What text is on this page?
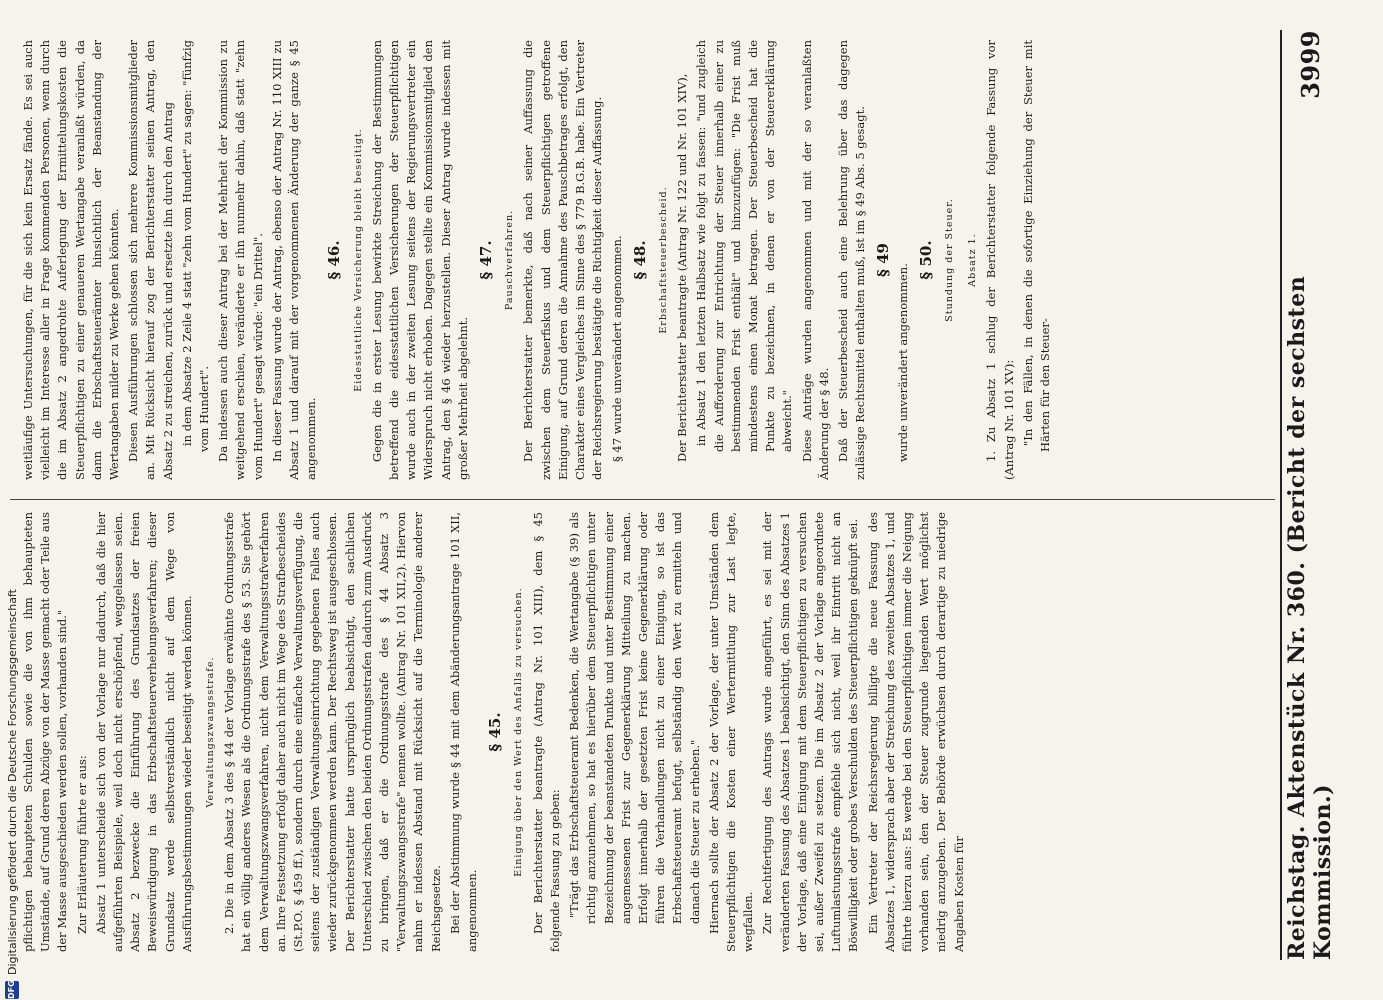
Reichstag. Aktenstück Nr. 360. (Bericht der sechsten Kommission.)
3999

pflichtigen behaupteten Schulden sowie die von ihm behaupteten Umstände, auf Grund deren Abzüge von der Masse gemacht oder Teile aus der Masse ausgeschieden werden sollen, vorhanden sind." Zur Erläuterung führte er aus: Absatz 1 unterscheide sich von der Vorlage nur dadurch, daß die hier aufgeführten Beispiele, weil doch nicht erschöpfend, weggelassen seien. Absatz 2 bezwecke die Einführung des Grundsatzes der freien Beweiswürdigung in das Erbschaftsteuerverhebungsverfahren; dieser Grundsatz werde selbstverständlich nicht auf dem Wege von Ausführungsbestimmungen wieder beseitigt werden können.	Verwaltungszwangsstrafe. 2. Die in dem Absatz 3 des § 44 der Vorlage erwähnte Ordnungsstrafe hat ein völlig anderes Wesen als die Ordnungsstrafe des § 53. Sie gehört dem Verwaltungszwangsverfahren, nicht dem Verwaltungsstrafverfahren an. Ihre Festsetzung erfolgt daher auch nicht im Wege des Strafbescheides (St.P.O. § 459 ff.), sondern durch eine einfache Verwaltungsverfügung, die seitens der zuständigen Verwaltungseinrichtung gegebenen Falles auch wieder zurückgenommen werden kann. Der Rechtsweg ist ausgeschlossen. Der Berichterstatter hatte ursprünglich beabsichtigt, den sachlichen Unterschied zwischen den beiden Ordnungsstrafen dadurch zum Ausdruck zu bringen, daß er die Ordnungsstrafe des § 44 Absatz 3 "Verwaltungszwangsstrafe" nennen wollte. (Antrag Nr. 101 XII,2). Hiervon nahm er indessen Abstand mit Rücksicht auf die Terminologie anderer Reichsgesetze. Bei der Abstimmung wurde § 44 mit dem Abänderungsantrage 101 XII, angenommen.

§ 45. Einigung über den Wert des Anfalls zu versuchen. Der Berichterstatter beantragte (Antrag Nr. 101 XIII), dem § 45 folgende Fassung zu geben: "Trägt das Erbschaftsteueramt Bedenken, die Wertangabe (§ 39) als richtig anzunehmen, so hat es hierüber dem Steuerpflichtigen unter Bezeichnung der beanstandeten Punkte und unter Bestimmung einer angemessenen Frist zur Gegenerklärung Mitteilung zu machen. Erfolgt innerhalb der gesetzten Frist keine Gegenerklärung oder führen die Verhandlungen nicht zu einer Einigung, so ist das Erbschaftsteueramt befugt, selbständig den Wert zu ermitteln und danach die Steuer zu erheben." Hiernach sollte der Absatz 2 der Vorlage, der unter Umständen dem Steuerpflichtigen die Kosten einer Wertermittlung zur Last legte, wegfallen. Zur Rechtfertigung des Antrags wurde angeführt, es sei mit der veränderten Fassung des Absatzes 1 beabsichtigt, den Sinn des Absatzes 1 der Vorlage, daß eine Einigung mit dem Steuerpflichtigen zu versuchen sei, außer Zweifel zu setzen. Die im Absatz 2 der Vorlage angeordnete Luftumlastungsstrafe empfehle sich nicht, weil ihr Eintritt nicht an Böswilligkeit oder grobes Verschulden des Steuerpflichtigen geknüpft sei. Ein Vertreter der Reichsregierung billigte die neue Fassung des Absatzes 1, widersprach aber der Streichung des zweiten Absatzes 1, und führte hierzu aus: Es werde bei den Steuerpflichtigen immer die Neigung vorhanden sein, den der Steuer zugrunde liegenden Wert möglichst niedrig anzugeben. Der Behörde erwüchsen durch derartige zu niedrige Angaben Kosten für

weitläufige Untersuchungen, für die sich kein Ersatz fände. Es sei auch vielleicht im Interesse aller in Frage kommenden Personen, wenn durch die im Absatz 2 angedrohte Auferlegung der Ermittelungskosten die Steuerpflichtigen zu einer genaueren Wertangabe veranlaßt würden, da dann die Erbschaftsteuerämter hinsichtlich der Beanstandung der Wertangaben milder zu Werke gehen könnten. Diesen Ausführungen schlossen sich mehrere Kommissionsmitglieder an. Mit Rücksicht hierauf zog der Berichterstatter seinen Antrag, den Absatz 2 zu streichen, zurück und ersetzte ihn durch den Antrag in dem Absatze 2 Zeile 4 statt "zehn vom Hundert" zu sagen: "fünfzig vom Hundert". Da indessen auch dieser Antrag bei der Mehrheit der Kommission zu weitgehend erschien, veränderte er ihn nunmehr dahin, daß statt "zehn vom Hundert" gesagt würde: "ein Drittel". In dieser Fassung wurde der Antrag, ebenso der Antrag Nr. 110 XIII zu Absatz 1 und darauf mit der vorgenommenen Änderung der ganze § 45 angenommen.

§ 46. Eidesstattliche Versicherung bleibt beseitigt. Gegen die in erster Lesung bewirkte Streichung der Bestimmungen betreffend die eidesstattlichen Versicherungen der Steuerpflichtigen wurde auch in der zweiten Lesung seitens der Regierungsvertreter ein Widerspruch nicht erhoben. Dagegen stellte ein Kommissionsmitglied den Antrag, den § 46 wieder herzustellen. Dieser Antrag wurde indessen mit großer Mehrheit abgelehnt.

§ 47. Pauschverfahren. Der Berichterstatter bemerkte, daß nach seiner Auffassung die zwischen dem Steuerfiskus und dem Steuerpflichtigen getroffene Einigung, auf Grund deren die Annahme des Pauschbetrages erfolgt, den Charakter eines Vergleiches im Sinne des § 779 B.G.B. habe. Ein Vertreter der Reichsregierung bestätigte die Richtigkeit dieser Auffassung. § 47 wurde unverändert angenommen. § 48. Erbschaftsteuerbescheid. Der Berichterstatter beantragte (Antrag Nr. 122 und Nr. 101 XIV), in Absatz 1 den letzten Halbsatz wie folgt zu fassen: "und zugleich die Aufforderung zur Entrichtung der Steuer innerhalb einer zu bestimmenden Frist enthält" und hinzuzufügen: "Die Frist muß mindestens einen Monat betragen. Der Steuerbescheid hat die Punkte zu bezeichnen, in denen er von der Steuererklärung abweicht." Diese Anträge wurden angenommen und mit der so veranlaßten Änderung der § 48. Daß der Steuerbescheid auch eine Belehrung über das dagegen zulässige Rechtsmittel enthalten muß, ist im § 49 Abs. 5 gesagt. § 49

wurde unverändert angenommen.

§ 50. Stundung der Steuer.	Absatz 1. 1. Zu Absatz 1 schlug der Berichterstatter folgende Fassung vor (Antrag Nr. 101 XV): "In den Fällen, in denen die sofortige Einziehung der Steuer mit Härten für den Steuer-

DFG
Digitalisierung gefördert durch die Deutsche Forschungsgemeinschaft
